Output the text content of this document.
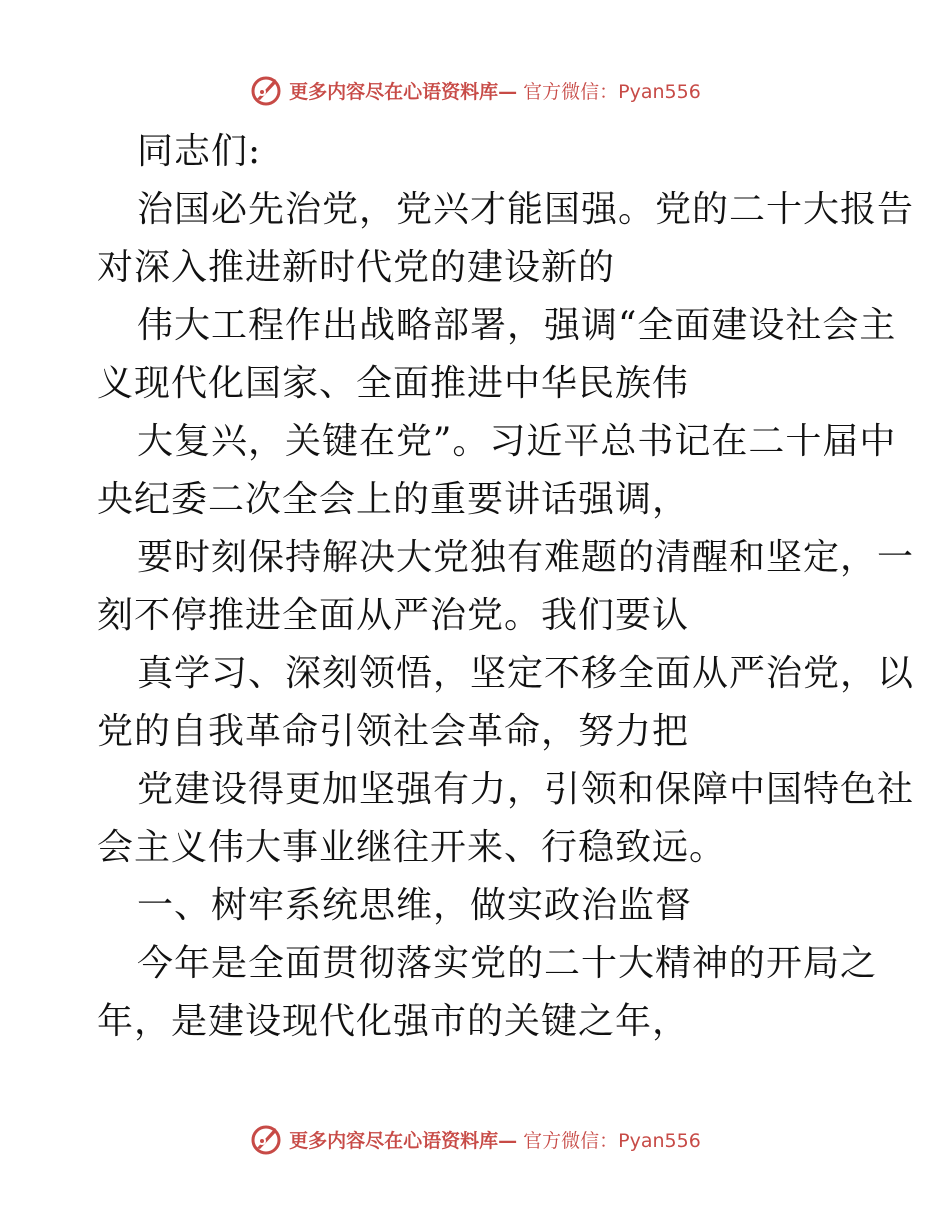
更多内容尽在心语资料库— 官方微信：Pyan556
同志们:
治国必先治党，党兴才能国强。党的二十大报告
对深入推进新时代党的建设新的
伟大工程作出战略部署，强调“全面建设社会主
义现代化国家、全面推进中华民族伟
大复兴，关键在党”。习近平总书记在二十届中
央纪委二次全会上的重要讲话强调，
要时刻保持解决大党独有难题的清醒和坚定，一
刻不停推进全面从严治党。我们要认
真学习、深刻领悟，坚定不移全面从严治党，以
党的自我革命引领社会革命，努力把
党建设得更加坚强有力，引领和保障中国特色社
会主义伟大事业继往开来、行稳致远。
一、树牢系统思维，做实政治监督
今年是全面贯彻落实党的二十大精神的开局之
年，是建设现代化强市的关键之年，
更多内容尽在心语资料库— 官方微信：Pyan556
